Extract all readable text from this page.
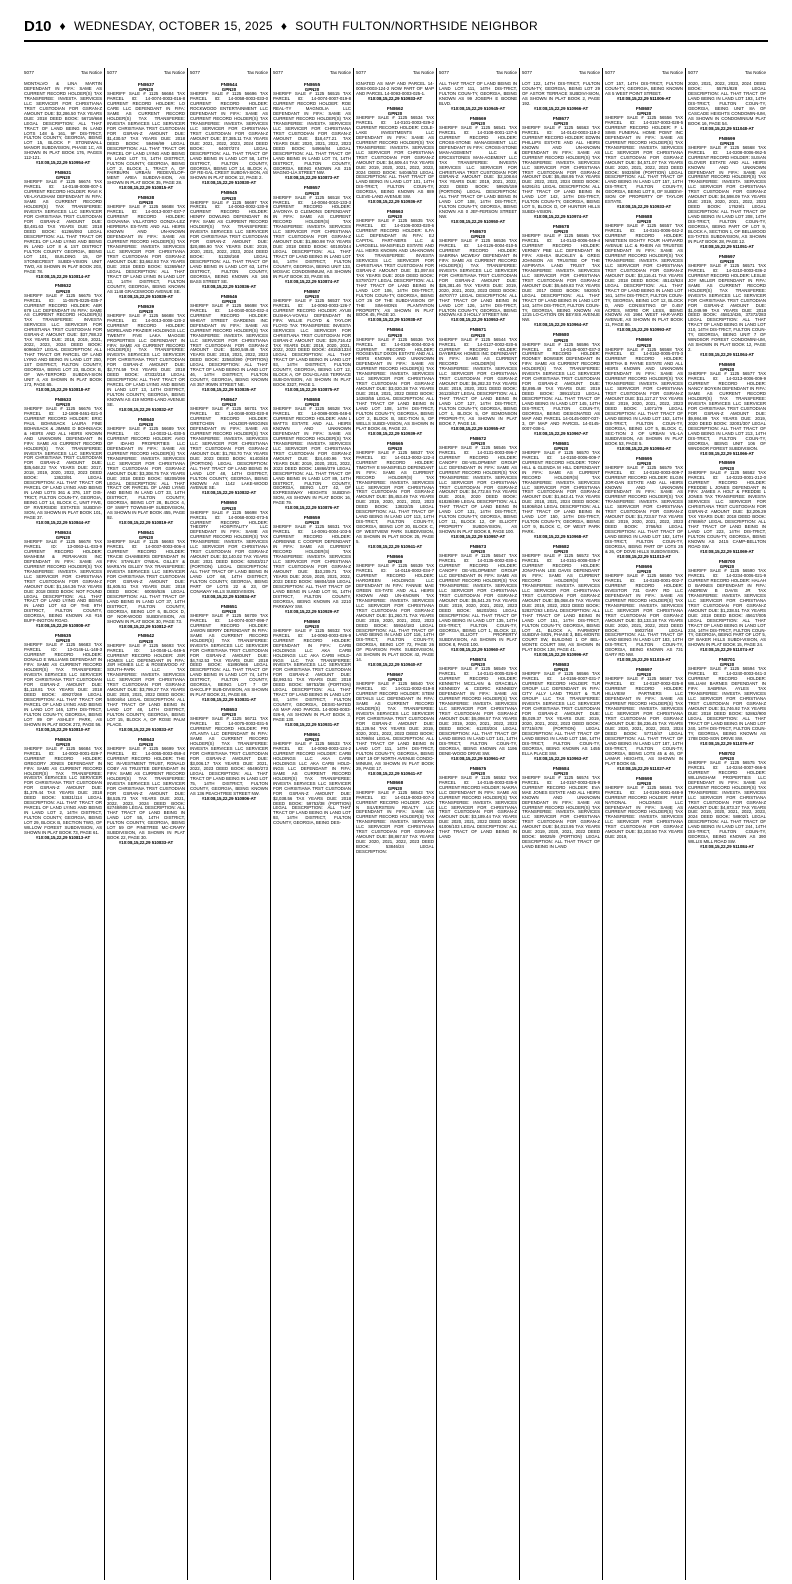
D10 ♦ WEDNESDAY, OCTOBER 15, 2025 ♦ SOUTH FULTON/NORTHSIDE NEIGHBOR
5077	Tax Notice
MONTALVO & LINA MARTIN DEFENDANT IN FIFA: SAME AS CURRENT RECORD HOLDER(S) TAX TRANSFEREE: INVESTA SERVICES LLC SERVICER FOR CHRISTIANA TRST CUSTODIAN FOR GSRAN-Z AMOUNT DUE: $2,286.50 TAX YEARS DUE: 2018 DEED BOOK: 56719/668 LEGAL DESCRIPTION: ALL THAT TRACT OF LAND BEING IN LAND LOTS 148 & 161, 9F DIS-TRICT, FULTON COUNTY, GEORGIA, BEING LOT 15, BLOCK F STONEWALL MANOR SUBDIVISION, PHASE 1C, AS SHOWN IN PLAT BOOK 176, PAGES 112-121.
#10:08,15,22,29 510954-AT
FN8631
GPN20
SHERIFF SALE # 1125 56674 TAX PARCEL ID: 14-0148-0008-007-1 CURRENT RECORD HOLDER: RAVI K VE-LAYUDHAM DEFENDANT IN FIFA: SAME AS CURRENT RECORD HOLDER(S) TAX TRANSFEREE: INVESTA SERVICES LLC SERVICER FOR CHRISTIANA TRST CUSTODIAN FOR GSRAN-Z AMOUNT DUE: $3,481.63 TAX YEARS DUE: 2018 DEED BOOK: 61266/093 LEGAL DESCRIPTION: ALL THAT TRACT OR PARCEL OF LAND LYING AND BEING IN LAND LOT 8 & 1ST DISTRICT FULTON COUNTY GEORGIA, BEING LOT 101, BUILDING 15, OF STONECREST SUBDI-VISION UNIT TWO, AS SHOWN IN PLAT BOOK 203, PAGE 78.
#10:08,15,22,29 510814-AT
FN8632
GPN20
SHERIFF SALE # 1125 56675 TAX PARCEL ID: 11-0575-0225-035-7 CURRENT RECORD HOLDER: ABR 679 LLC DEFENDANT IN FIFA: SAME AS CURRENT RECORD HOLDER(S) TAX TRANSFEREE: INVESTA SERVICES LLC SERVICER FOR CHRISTIANA TRST CUSTODIAN FOR GSRAN-Z AMOUNT DUE: $37,788.22 TAX YEARS DUE: 2018, 2019, 2021, 2022, 2023, 2024 DEED BOOK: 60966/27 LEGAL DESCRIPTION: ALL THAT TRACT OR PARCEL OF LAND LYING AND BEING IN LAND LOT 250, 1ST DISTRICT, FULTON COUNTY, GEORGIA, BEING LOT 23, BLOCK B, OF WA-TERFORD SUBDIVI-SION UNIT 4, AS SHOWN IN PLAT BOOK 173, PAGE 65.
#10:08,15,22,29 510818-AT
FN8633
GPN20
SHERIFF SALE # 1125 56676 TAX PARCEL ID: 12-1808-0461-021-0 CURRENT RECORD HOLDER: ERIC PAUL BOHNSACK LAURA FINE BOHNSACK & JIMMIE D BOHNSACK & HEIRS AND ALL HEIRS KNOWN AND UNKNOWN DEFENDANT IN FIFA: SAME AS CURRENT RECORD HOLDER(S) TAX TRANSFEREE: INVESTA SERVICES LLC SERVICER FOR CHRISTIANA TRST CUSTODIAN FOR GSRAN-Z AMOUNT DUE: $35,648.22 TAX YEARS DUE: 2017, 2018, 2019, 2020, 2022, 2023 DEED BOOK: 13623/91 LEGAL DESCRIPTION: ALL THAT TRACT OR PARCEL OF LAND LYING AND BEING IN LAND LOTS 361 & 376, 1ST DIS-TRICT, FULTON COUN-TY, GEORGIA, BEING LOT 14, BLOCK C, UNIT FIVE, OF RIVERSIDE ESTATES SUBDIVI-SION, AS SHOWN IN PLAT BOOK 101, PAGE 37.
#10:08,15,22,29 510844-AT
FN8634
GPN20
SHERIFF SALE # 1125 56678 TAX PARCEL ID: 13-0063-LL-033-9 CURRENT RECORD HOLDER: MANHEIM & PERAKAKIS INC DEFENDANT IN FIFA: SAME AS CURRENT RECORD HOLDER(S) TAX TRANSFEREE: INVESTA SERVICES LLC SERVICER FOR CHRISTIANA TRST CUSTODIAN FOR GSRAN-Z AMOUNT DUE: $1,164.36 TAX YEARS DUE: 2018 DEED BOOK: NOT FOUND LEGAL DESCRIPTION: ALL THAT TRACT OF LAND LYING AND BEING IN LAND LOT 63 OF THE 9TH DISTRICT, FULTON COUNTY, GEORGIA, BEING KNOWN AS #16 BUFF-INGTON ROAD.
#10:08,15,22,29 510808-AT
FN8635
GPN20
SHERIFF SALE # 1125 56683 TAX PARCEL ID: 13-0146-LL-148-3 CURRENT RECORD HOLDER: DONALD E WILLIAMS DEFENDANT IN FIFA: SAME AS CURRENT RECORD HOLDER(S) TAX TRANSFEREE: INVESTA SERVICES LLC SERVICER FOR CHRISTIANA TRST CUSTODIAN FOR GSRAN-Z AMOUNT DUE: $1,118.81 TAX YEARS DUE: 2018 DEED BOOK: 40927/269 LEGAL DESCRIPTION: ALL THAT TRACT OR PARCEL OF LAND LYING AND BEING IN LAND LOT 146, 13TH DIS-TRICT, FULTON COUN-TY, GEORGIA, BEING LOT 89 OF ASHLEY PARK, AS SHOWN IN PLAT BOOK 272, PAGE 56.
#10:08,15,22,29 510810-AT
FN8636
GPN20
SHERIFF SALE # 1125 56684 TAX PARCEL ID: 14-0002-0001-029-7 CURRENT RECORD HOLDER: GREGORY JONES DEFENDANT IN FIFA: SAME AS CURRENT RECORD HOLDER(S) TAX TRANSFEREE: INVESTA SERVICES LLC SERVICER FOR CHRISTIANA TRST CUSTODIAN FOR GSRAN-Z AMOUNT DUE: $1,379.44 TAX YEARS DUE: 2018 DEED BOOK: 53831/114 LEGAL DESCRIPTION: ALL THAT TRACT OR PARCEL OF LAND LYING AND BEING IN LAND LOT 2, 14TH DISTRICT, FULTON COUNTY, GEORGIA, BEING LOT 29, BLOCK B, SECTION TWO, OF WILLOW FOREST SUBDIVISION, AS SHOWN IN PLAT BOOK 73, PAGE 61.
#10:08,15,22,29 510813-AT
5077	Tax Notice
FN8637
GPN20
SHERIFF SALE # 1125 56684 TAX PARCEL ID: 14-0074-0003-016-8 CURRENT RECORD HOLDER: LO CARE LLC DEFENDANT IN FIFA: SAME AS CURRENT RECORD HOLDER(S) TAX TRANSFEREE: INVESTA SERVICES LLC SERVICER FOR CHRISTIANA TRST CUSTODIAN FOR GSRAN-Z AMOUNT DUE: $1,430.57 TAX YEARS DUE: 2018 DEED BOOK: 59496/99 LEGAL DESCRIPTION: ALL THAT TRACT OR PARCEL OF LAND LYING AND BEING IN LAND LOT 74, 14TH DISTRICT, FULTON COUNTY, GEORGIA, BEING LOT 2, BLOCK 1, TRACT A, OF FAIRBURN URBAN REDEVELOP-MENT AREA SUBDIVI-SION, AS SHOWN IN PLAT BOOK 35, PAGE 28.
#10:08,15,22,29 510815-AT
FN8638
GPN20
SHERIFF SALE # 1125 56688 TAX PARCEL ID: 14-0013-0007-037-7 CURRENT RECORD HOLDER: GIOVANNA VILLATORO GONZA-LEZ HERRERA ES-TATE AND ALL HEIRS KNOWN AND UN-KNOWN DEFENDANT IN FIFA: SAME AS CURRENT RECORD HOLDER(S) TAX TRANSFEREE: INVESTA SERVICES LLC SERVICER FOR CHRISTIANA TRST CUSTODIAN FOR GSRAN-Z AMOUNT DUE: $3,662.93 TAX YEARS DUE: 2018 DEED BOOK: 51369/647 LEGAL DESCRIPTION: ALL THAT TRACT OF LAND LYING IN LAND LOT 13, 14TH DISTRICT, FULTON COUNTY, GEORGIA, BEING KNOWN AS 1148 GRACEWOOD AVENUE SE.
#10:08,15,22,29 510839-AT
FN8639
GPN20
SHERIFF SALE # 1125 56688 TAX PARCEL ID: 14-0013-0008-120-2 CURRENT RECORD HOLDER: MORELAND FRAZIER HOLDINGS LLC TWENTY FIVE LAKA MAGGIE PROPERTIES LLC DEFENDANT IN FIFA: SAME AS CURRENT RECORD HOLDER(S) TAX TRANSFEREE: INVESTA SERVICES LLC SERVICER FOR CHRISTIANA TRST CUSTODIAN FOR GSRAN-Z AMOUNT DUE: $2,774.59 TAX YEARS DUE: 2018 DEED BOOK: 47332/218 LEGAL DESCRIPTION: ALL THAT TRACT OR PARCEL OF LAND LYING AND BEING IN LAND LOT 13, 14TH DISTRICT, FULTON COUNTY, GEORGIA, BEING KNOWN AS 419 MORE-LAND AVENUE SE.
#10:08,15,22,29 510832-AT
FN8640
GPN20
SHERIFF SALE # 1125 56689 TAX PARCEL ID: 14-0033-LL-030-5 CURRENT RECORD HOLDER: AVIO OF IDAHO PROPERTIES LLC DEFENDANT IN FIFA: SAME AS CURRENT RECORD HOLDER(S) TAX TRANSFEREE: INVESTA SERVICES LLC SERVICER FOR CHRISTIANA TRST CUSTODIAN FOR GSRAN-Z AMOUNT DUE: $3,308.75 TAX YEARS DUE: 2018 DEED BOOK: 58209/299 LEGAL DESCRIPTION: ALL THAT TRACT OR PARCEL OF LAND LYING AND BEING IN LAND LOT 33, 14TH DISTRICT, FULTON COUNTY, GEORGIA, BEING LOT 28, BLOCK 4, OF SWIFT TOWNSHIP SUBDIVISION, AS SHOWN IN PLAT BOOK 455, PAGE 92.
#10:08,15,22,29 510819-AT
FN8641
GPN20
SHERIFF SALE # 1125 56693 TAX PARCEL ID: 14-0037-0003-006-4 CURRENT RECORD HOLDER: TRACIE CHAMBERS DEFENDANT IN FIFA: STANLEY O'NEAL GILLEY & MARILYN GILLEY TAX TRANSFEREE: INVESTA SERVICES LLC SERVICER FOR CHRISTIANA TRST CUSTODIAN FOR GSRAN-Z AMOUNT DUE: $1,605.51 TAX YEARS DUE: 2018 DEED BOOK: 60059/536 LEGAL DESCRIPTION: ALL THAT TRACT OF LAND BEING IN LAND LOT 37, 14TH DISTRICT, FULTON COUNTY, GEORGIA, BEING LOT 6, BLOCK D, OF NOR-WOOD SUBDIVISION, AS SHOWN IN PLAT BOOK 30, PAGE 73.
#10:08,15,22,29 510812-AT
FN8642
GPN20
SHERIFF SALE # 1125 56693 TAX PARCEL ID: 14-0048-LL-049-5 CURRENT RECORD HOLDER: JSR HOMES LLC DEFENDANT IN FIFA: JSR HOMES LLC & ROSEWOOD AT SOUTH-PARK LLC TAX TRANSFEREE: INVESTA SERVICES LLC SERVICER FOR CHRISTIANA TRST CUSTODIAN FOR GSRAN-Z AMOUNT DUE: $3,799.27 TAX YEARS DUE: 2020, 2021, 2022 DEED BOOK: 54004/64 LEGAL DESCRIPTION: ALL THAT TRACT OF LAND BEING IN LAND LOT 48, 14TH DISTRICT, FULTON COUNTY, GEORGIA, BEING LOT 15, BLOCK A, OF ROSE PALM PLACE.
#10:08,15,22,29 510833-AT
FN8643
GPN20
SHERIFF SALE # 1125 56699 TAX PARCEL ID: 14-0055-0003-059-4 CURRENT RECORD HOLDER: THE NC IN-VESTMENT TRUST, RONALD COBY AS TRUSTEE DEFENDANT IN FIFA: SAME AS CURRENT RECORD HOLDER(S) TAX TRANSFEREE: INVESTA SERVICES LLC SERVICER FOR CHRISTIANA TRST CUSTODIAN FOR GSRAN-Z AMOUNT DUE: $8,525.73 TAX YEARS DUE: 2021, 2022, 2023, 2024 DEED BOOK: 62748/609 LEGAL DESCRIPTION: ALL THAT TRACT OF LAND BEING IN LAND LOT 55, 14TH DISTRICT, FULTON COUNTY, GEORGIA, BEING LOT 59 OF PINETREE MC-CRARY SUBDIVISION, AS SHOWN IN PLAT BOOK 22, PAGE 30.
#10:08,15,22,29 510833-AT
5077	Tax Notice
FN8644
GPN20
SHERIFF SALE # 1125 56696 TAX PARCEL ID: 14-0058-0003-033-0 CURRENT RECORD HOLDER: ROCKWOOD ENTERTAINMENT LLC DEFENDANT IN FIFA: SAME AS CURRENT RECORD HOLDER(S) TAX TRANSFEREE: INVESTA SERVICES LLC SERVICER FOR CHRISTIANA TRST CUSTODIAN FOR GSRAN-Z AMOUNT DUE: $7,385.11 TAX YEARS DUE: 2021, 2022, 2023, 2024 DEED BOOK: 64007/374 LEGAL DESCRIPTION: ALL THAT TRACT OF LAND BEING IN LAND LOT 58, 14TH DISTRICT, FULTON COUNTY, GEORGIA, BEING LOT 14, BLOCK A, OF RE-GAL CREST SUBDIVI-SION, AS SHOWN IN PLAT BOOK 12, PAGE 2.
#10:08,15,22,29 510830-AT
FN8645
GPN20
SHERIFF SALE # 1125 56697 TAX PARCEL ID: 14-0063-0002-130-9 CURRENT RECORD HOLDER: HENRY DOWLING DEFENDANT IN FIFA: SAME AS CURRENT RECORD HOLDER(S) TAX TRANSFEREE: INVESTA SERVICES LLC SERVICER FOR CHRISTIANA TRST CUSTODIAN FOR GSRAN-Z AMOUNT DUE: $20,886.90 TAX YEARS DUE: 2019, 2020, 2021, 2022, 2023, 2024 DEED BOOK: 51328/168 LEGAL DESCRIPTION: ALL THAT TRACT OF LAND BEING IN LAND LOT 63, 14TH DISTRICT, FULTON COUNTY, GEORGIA, BEING KNOWN AS 165 BASS STREET SE.
#10:08,15,22,29 510836-AT
FN8646
GPN20
SHERIFF SALE # 1125 56698 TAX PARCEL ID: 14-0040-0010-032-4 CURRENT RECORD HOLDER: WHEAT STREET GARDENS INC DEFENDANT IN FIFA: SAME AS CURRENT RECORD HOLDER(S) TAX TRANSFEREE: INVESTA SERVICES LLC SERVICER FOR CHRISTIANA TRST CUSTODIAN FOR GSRAN-Z AMOUNT DUE: $190,549.48 TAX YEARS DUE: 2018, 2021, 2022, 2023 DEED BOOK: 32563/390 (PORTION) LEGAL DESCRIPTION: ALL THAT TRACT OF LAND BEING IN LAND LOT 46, 14TH DISTRICT, FULTON COUNTY, GEORGIA, BEING KNOWN AS 357 IRWIN STREET NE.
#10:08,15,22,29 510835-AT
FN8647
GPN20
SHERIFF SALE # 1125 56701 TAX PARCEL ID: 14-0048-0003-020-8 CURRENT RECORD HOLDER: GRETCHEN HOLDER-WIGGINS DEFENDANT IN FIFA: SAME AS CURRENT RECORD HOLDER(S) TAX TRANSFEREE: INVESTA SERVICES LLC SERVICER FOR CHRISTIANA TRST CUSTODIAN FOR GSRAN-Z AMOUNT DUE: $1,793.70 TAX YEARS DUE: 2023 DEED BOOK: 61403/48 (PORTION) LEGAL DESCRIPTION: ALL THAT TRACT OF LAND BEING IN LAND LOT 48, 14TH DISTRICT, FULTON COUNTY, GEORGIA, BEING KNOWN AS 1142 LAKE-WOOD AVENUE SE.
#10:08,15,22,29 510832-AT
FN8650
GPN20
SHERIFF SALE # 1125 56698 TAX PARCEL ID: 14-0068-0002-073-5 CURRENT RECORD HOLDER: THEORY HOSPITALITY LLC DEFENDANT IN FIFA: SAME AS CURRENT RECORD HOLDER(S) TAX TRANSFEREE: INVESTA SERVICES LLC SERVICER FOR CHRISTIANA TRST CUSTODIAN FOR GSRAN-Z AMOUNT DUE: $2,140.02 TAX YEARS DUE: 2021 DEED BOOK: 62503/217 (PORTION) LEGAL DESCRIPTION: ALL THAT TRACT OF LAND BEING IN LAND LOT 68, 14TH DISTRICT, FULTON COUNTY, GEORGIA, BEING PART OF LOTS 22 & 23, OF CONAWAY HILLS SUBDIVISION.
#10:08,15,22,29 510834-AT
FN8651
GPN20
SHERIFF SALE # 1125 56709 TAX PARCEL ID: 14-0074-0007-098-7 CURRENT RECORD HOLDER: JAWON BERRY DEFENDANT IN FIFA: SAME AS CURRENT RECORD HOLDER(S) TAX TRANSFEREE: INVESTA SERVICES LLC SERVICER FOR CHRISTIANA TRST CUSTODIAN FOR GSRAN-Z AMOUNT DUE: $4,742.53 TAX YEARS DUE: 2018 DEED BOOK: 61890/666 LEGAL DESCRIPTION: ALL THAT TRACT OF LAND BEING IN LAND LOT 74, 14TH DISTRICT, FULTON COUNTY, GEORGIA, BEING LOT 7 OF OAKCLIFF SUB-DIVISION, AS SHOWN IN PLAT BOOK 21, PAGE 88.
#10:08,15,22,29 510831-AT
FN8653
GPN20
SHERIFF SALE # 1125 56711 TAX PARCEL ID: 14-0075-0003-031-5 CURRENT RECORD HOLDER: PRI ATLANTA LLC DEFENDANT IN FIFA: SAME AS CURRENT RECORD HOLDER(S) TAX TRANSFEREE: INVESTA SERVICES LLC SERVICER FOR CHRISTIANA TRST CUSTODIAN FOR GSRAN-Z AMOUNT DUE: $3,006.17 TAX YEARS DUE: 2021, 2022, 2023 DEED BOOK: 65490/273 LEGAL DESCRIPTION: ALL THAT TRACT OF LAND BEING IN LAND LOT 75, 14TH DISTRICT, FULTON COUNTY, GEORGIA, BEING KNOWN AS 136 PEACHTREE STREET NW.
#10:08,15,22,29 510806-AT
5077	Tax Notice
FN8655
GPN20
SHERIFF SALE # 1125 56515 TAX PARCEL ID: 14-0074-0007-019-8 CURRENT RECORD HOLDER: ROE REAL-TY MAGNOLIA LLC DEFENDANT IN FIFA: SAME AS CURRENT RECORD HOLDER(S) TAX TRANSFEREE: INVESTA SERVICES LLC SERVICER FOR CHRISTIANA TRST CUSTODIAN FOR GSRAN-Z AMOUNT DUE: $18,477.21 TAX YEARS DUE: 2020, 2021, 2022, 2023 DEED BOOK: 54966/84 LEGAL DESCRIPTION: ALL THAT TRACT OF LAND BEING IN LAND LOT 74, 14TH DISTRICT, FULTON COUNTY, GEORGIA, BEING KNOWN AS 315 MAGNO-LIA STREET NW.
#10:08,15,22,29 510873-AT
FN8657
GPN20
SHERIFF SALE # 1125 56518 TAX PARCEL ID: 14-0084-0010-133-3 CURRENT RECORD HOLDER: JAVONYA D CLEMONS DEFENDANT IN FIFA: SAME AS CURRENT RECORD HOLDER(S) TAX TRANSFEREE: INVESTA SERVICES LLC SERVICER FOR CHRISTIANA TRST CUSTODIAN FOR GSRAN-Z AMOUNT DUE: $1,860.98 TAX YEARS DUE: 2018 DEED BOOK: 60100/244 LEGAL DESCRIPTION: ALL THAT TRACT OF LAND BEING IN LAND LOT 84, 14TH DISTRICT, FULTON COUNTY, GEORGIA, BEING UNIT 133, MOSAIC CONDOMINIUM, AS SHOWN IN PLAT BOOK 33, PAGE 85.
#10:08,15,22,29 510874-AT
FN8657
GPN20
SHERIFF SALE # 1125 56537 TAX PARCEL ID: 14-0093-0003-126-7 CURRENT RECORD HOLDER: AYUB DUSHKA-VOVKU DEFENDANT IN FIFA: WILLIE FLOYD & TAYLOR FLOYD TAX TRANSFEREE: INVESTA SERVICES LLC SERVICER FOR CHRISTIANA TRST CUSTODIAN FOR GSRAN-Z AMOUNT DUE: $29,716.42 TAX YEARS DUE: 2019, 2020, 2021, 2022, 2023 DEED BOOK: 48153/1334 LEGAL DESCRIPTION: ALL THAT TRACT OF LAND BEING IN LAND LOT 93, 14TH DISTRICT, FULTON COUNTY, GEORGIA, BEING LOT 12, BLOCK A, OF DOU-GLASS TERRACE SUB-DIVISION, AS SHOWN IN PLAT BOOK 3327, PAGE 1.
#10:08,15,22,29 510875-AT
FN8658
GPN20
SHERIFF SALE # 1125 56528 TAX PARCEL ID: 14-0089-0005-048-6 CURRENT RECORD HOLDER: ANN L WATTS ESTATE AND ALL HEIRS KNOWN AND UNKNOWN DEFENDANT IN FIFA: SAME AS CURRENT RECORD HOLDER(S) TAX TRANSFEREE: INVESTA SERVICES LLC SERVICER FOR CHRISTIANA TRST CUSTODIAN FOR GSRAN-Z AMOUNT DUE: $24,440.96 TAX YEARS DUE: 2019, 2020, 2021, 2022, 2023 DEED BOOK: 16866/379 LEGAL DESCRIPTION: ALL THAT TRACT OF LAND BEING IN LAND LOT 89, 14TH DISTRICT, FULTON COUNTY, GEORGIA, BEING LOT 42, OF EXPRESSWAY HEIGHTS SUBDIVI-SION, AS SHOWN IN PLAT BOOK 16, PAGE 79.
#10:08,15,22,29 510876-AT
FN8659
GPN20
SHERIFF SALE # 1125 56531 TAX PARCEL ID: 14-0091-0004-103-5 CURRENT RECORD HOLDER: ADRIENNE C COOPER DEFENDANT IN FIFA: SAME AS CURRENT RECORD HOLDER(S) TAX TRANSFEREE: INVESTA SERVICES LLC SERVICER FOR CHRISTIANA TRST CUSTODIAN FOR GSRAN-Z AMOUNT DUE: $10,209.71 TAX YEARS DUE: 2019, 2020, 2021, 2022, 2023 DEED BOOK: 56804/159 LEGAL DESCRIPTION: ALL THAT TRACT OF LAND BEING IN LAND LOT 91, 14TH DISTRICT, FULTON COUNTY, GEORGIA, BEING KNOWN AS 2210 PARKWAY SW.
#10:08,15,22,29 510929-AT
FN8660
GPN20
SHERIFF SALE # 1125 56532 TAX PARCEL ID: 14-0093-0003-026-9 CURRENT RECORD HOLDER: DEFENDANT IN FIFA: CARB HOLDINGS LLC AKA CARB HOLDINGS LLC AKA CARB HOLD-INGS LLC TAX TRANSFEREE: INVESTA SERVICES LLC SERVICER FOR CHRISTIANA TRST CUSTODIAN FOR GSRAN-Z AMOUNT DUE: $2,993.51 TAX YEARS DUE: 2018 DEED BOOK: 59753/38 (PORTION) LEGAL DESCRIPTION: ALL THAT TRACT OF LAND BEING IN LAND LOT 93, 14TH DISTRICT, FULTON COUNTY, GEORGIA, DESIG-NATED AS MAP AND PARCEL 14-0093-0003-026-9, AS SHOWN IN PLAT BOOK 3, PAGE 130.
#10:08,15,22,29 510931-AT
FN8661
GPN20
SHERIFF SALE # 1125 56533 TAX PARCEL ID: 14-0093-0003-124-2 CURRENT RECORD HOLDER: CARB HOLDINGS LLC AKA CARB HOLDINGS LLC AKA CARB HOLD-INGS LLC DEFENDANT IN FIFA: SAME AS CURRENT RECORD HOLDER(S) TAX TRANSFEREE: INVESTA SERVICES LLC SERVICER FOR CHRISTIANA TRST CUSTODIAN FOR GSRAN-Z AMOUNT DUE: $2,038.56 TAX YEARS DUE: 2018 DEED BOOK: 59753/38 (PORTION) LEGAL DESCRIPTION: ALL THAT TRACT OF LAND BEING IN LAND LOT 93, 14TH DISTRICT, FULTON COUNTY, GEORGIA, BEING DES-
5077	Tax Notice
IGNATED AS MAP AND PARCEL 14-0093-0003-124-2 NOW PART OF MAP AND PARCEL 14-0093-0003-025-1.
#10:08,15,22,29 510933-AT
FN8662
GPN20
SHERIFF SALE # 1125 56534 TAX PARCEL ID: 14-0101-0003-029-2 CURRENT RECORD HOLDER: COLE-LAKE INVESTMENTS LLC DEFENDANT IN FIFA: SAME AS CURRENT RECORD HOLDER(S) TAX TRANSFEREE: INVESTA SERVICES LLC SERVICER FOR CHRISTIANA TRST CUSTODIAN FOR GSRAN-Z AMOUNT DUE: $4,609.44 TAX YEARS DUE: 2019, 2020, 2021, 2022, 2023, 2024 DEED BOOK: 54048/33 LEGAL DESCRIPTION: ALL THAT TRACT OF LAND BEING IN LAND LOT 101, 14TH DIS-TRICT, FULTON COUN-TY, GEORGIA, BEING KNOWN AS 889 CLEVE-LAND AVENUE SW.
#10:08,15,22,29 510936-AT
FN8663
GPN20
SHERIFF SALE # 1125 56535 TAX PARCEL ID: 14-0106-0003-020-6 CURRENT RECORD HOLDER: ILFA LLC DEFENDANT IN FIFA: EJ CAPITAL PART-NERS LLC & LAROSELL MANSFIELD ESTATE AND ALL HEIRS KNOWN AND UN-KNOWN TAX TRANSFEREE: INVESTA SERVICES LLC SERVICER FOR CHRISTIANA TRST CUSTODIAN FOR GSRAN-Z AMOUNT DUE: $1,097.84 TAX YEARS DUE: 2019 DEED BOOK: 53797/277 LEGAL DESCRIPTION: ALL THAT TRACT OF LAND BEING IN LAND LOT 106, 14TH DIS-TRICT, FULTON COUN-TY, GEORGIA, BEING LOT 26 OF THE SUBDI-VISION OF THE SIM-MONS PLANTATION PROPERTY, AS SHOWN IN PLAT BOOK 45, PAGE 10.
#10:08,15,22,29 510938-AT
FN8664
GPN20
SHERIFF SALE # 1125 56536 TAX PARCEL ID: 14-0108-0004-002-5 CURRENT RECORD HOLDER: ROOSEVELT DIXON ESTATE AND ALL HEIRS KNOWN AND UNKNOWN DEFENDANT IN FIFA: SAME AS CURRENT RECORD HOLDER(S) TAX TRANSFEREE: INVESTA SERVICES LLC SERVICER FOR CHRISTIANA TRST CUSTODIAN FOR GSRAN-Z AMOUNT DUE: $3,020.38 TAX YEARS DUE: 2018, 2021, 2022 DEED BOOK: 14283/55 LEGAL DESCRIPTION: ALL THAT TRACT OF LAND BEING IN LAND LOT 108, 14TH DIS-TRICT, FULTON COUN-TY, GEORGIA, BEING LOT 2, BLOCK B, SEC-TION 5, OF WELLS SUBDI-VISION, AS SHOWN IN PLAT BOOK 46, PAGE 22.
#10:08,15,22,29 510939-AT
FN8665
GPN20
SHERIFF SALE # 1125 56537 TAX PARCEL ID: 14-0113-0002-122-4 CURRENT RECORD HOLDER: TIMOTHY E MANSFIELD DEFENDANT IN FIFA: SAME AS CURRENT RECORD HOLDER(S) TAX TRANSFEREE: INVESTA SERVICES LLC SERVICER FOR CHRISTIANA TRST CUSTODIAN FOR GSRAN-Z AMOUNT DUE: $5,453.49 TAX YEARS DUE: 2019, 2020, 2021, 2022, 2023 DEED BOOK: 13822/25 LEGAL DESCRIPTION: ALL THAT TRACT OF LAND BEING IN LAND LOT 113, 14TH DIS-TRICT, FULTON COUN-TY, GEORGIA, BEING LOT 20, BLOCK C, OF WESTVIEW PARK SUBDIVISION, AS SHOWN IN PLAT BOOK 25, PAGE 5.
#10:08,15,22,29 510941-AT
FN8666
GPN20
SHERIFF SALE # 1125 56539 TAX PARCEL ID: 14-0116-0002-034-7 CURRENT RECORD HOLDER: HARGREEN HOLDINGS LLC DEFENDANT IN FIFA: FANNIE MAE GREEN ES-TATE AND ALL HEIRS KNOWN AND UN-KNOWN TAX TRANSFEREE: INVESTA SERVICES LLC SERVICER FOR CHRISTIANA TRST CUSTODIAN FOR GSRAN-Z AMOUNT DUE: $1,260.71 TAX YEARS DUE: 2019, 2020, 2021, 2022, 2023 DEED BOOK: 55924/183 LEGAL DESCRIPTION: ALL THAT TRACT OF LAND BEING IN LAND LOT 116, 14TH DIS-TRICT, FULTON COUN-TY, GEORGIA, BEING LOT 72, PAGE 26 OF PEARSON PARK SUBDIVISION, AS SHOWN IN PLAT BOOK 42, PAGE 14.
#10:08,15,22,29 510940-AT
FN8667
GPN20
SHERIFF SALE # 1125 56540 TAX PARCEL ID: 14-0111-0002-019-8 CURRENT RECORD HOLDER: STEM DETAILS LLC DEFENDANT IN FIFA: SAME AS CURRENT RECORD HOLDER(S) TAX TRANSFEREE: INVESTA SERVICES LLC SERVICER FOR CHRISTIANA TRST CUSTODIAN FOR GSRAN-Z AMOUNT DUE: $1,129.94 TAX YEARS DUE: 2019, 2020, 2021, 2022, 2023 DEED BOOK: 51799/84 LEGAL DESCRIPTION: ALL THAT TRACT OF LAND BEING IN LAND LOT 111, 14TH DIS-TRICT, FULTON COUN-TY, GEORGIA, BEING UNIT 19 OF NORTH AVENUE CONDO-MINIUM, AS SHOWN IN PLAT BOOK 29, PAGE 17.
#10:08,15,22,29 510941-AT
FN8668
GPN20
SHERIFF SALE # 1125 56543 TAX PARCEL ID: 14-0119-0003-007-3 CURRENT RECORD HOLDER: JACK N SILVERSTEIN REALTY LLC DEFENDANT IN FIFA: SAME AS CURRENT RECORD HOLDER(S) TAX TRANSFEREE: INVESTA SERVICES LLC SERVICER FOR CHRISTIANA TRST CUSTODIAN FOR GSRAN-Z AMOUNT DUE: $8,867.57 TAX YEARS DUE: 2020, 2021, 2022, 2023 DEED BOOK: 53846/24 LEGAL DESCRIPTION:
5077	Tax Notice
ALL THAT TRACT OF LAND BEING IN LAND LOT 111, 14TH DIS-TRICT, FULTON COUN-TY, GEORGIA, BEING KNOWN AS 99 JOSEPH E BOONE BLVD.
#10:08,15,22,29 510945-AT
FN8669
GPN20
SHERIFF SALE # 1125 56541 TAX PARCEL ID: 14-0108-0001-137-5 CURRENT RECORD HOLDER: CROSS-STONE MANAGEMENT LLC DEFENDANT IN FIFA: CROSS-STONE MAN-AGEMENT LLC & ERICSSTONES MAN-AGEMENT LLC TAX TRANSFEREE: INVESTA SERVICES LLC SERVICER FOR CHRISTIANA TRST CUSTODIAN FOR GSRAN-Z AMOUNT DUE: $2,108.64 TAX YEARS DUE: 2019, 2021, 2022, 2023 DEED BOOK: 59925/159 (PORTION) LEGAL DESCRIPTION: ALL THAT TRACT OF LAND BEING IN LAND LOT 108, 14TH DIS-TRICT, FULTON COUN-TY, GEORGIA, BEING KNOWN AS 0 JEF-FERSON STREET NW.
#10:08,15,22,29 510950-AT
FN8670
GPN20
SHERIFF SALE # 1125 56536 TAX PARCEL ID: 14-0126-0004-010-5 CURRENT RECORD HOLDER: SABRINA MCWEAY DEFENDANT IN FIFA: SAME AS CURRENT RECORD HOLDER(S) TAX TRANSFEREE: INVESTA SERVICES LLC SERVICER FOR CHRISTIANA TRST CUSTODIAN FOR GSRAN-Z AMOUNT DUE: $26,381.46 TAX YEARS DUE: 2019, 2020, 2021, 2022, 2023 DEED BOOK: 48707/77 LEGAL DESCRIPTION: ALL THAT TRACT OF LAND BEING IN LAND LOT 126, 14TH DIS-TRICT, FULTON COUN-TY, GEORGIA, BEING KNOWN AS 3 HOLLY STREET NW.
#10:08,15,22,29 510953-AT
FN8671
GPN20
SHERIFF SALE # 1125 56544 TAX PARCEL ID: 14-0127-0002-020-6 CURRENT RECORD HOLDER: DAYBREAK HOMES INC DEFENDANT IN FIFA: SAME AS CURRENT RECORD HOLDER(S) TAX TRANSFEREE: INVESTA SERVICES LLC SERVICER FOR CHRISTIANA TRST CUSTODIAN FOR GSRAN-Z AMOUNT DUE: $6,282.33 TAX YEARS DUE: 2019, 2020, 2021 DEED BOOK: 26123/637 LEGAL DESCRIPTION: ALL THAT TRACT OF LAND BEING IN LAND LOT 127, 14TH DIS-TRICT, FULTON COUN-TY, GEORGIA, BEING LOT 1, BLOCK 5, OF EDMONSON PROPER-TY, AS SHOWN IN PLAT BOOK 7, PAGE 18.
#10:08,15,22,29 510955-AT
FN8672
GPN20
SHERIFF SALE # 1125 56546 TAX PARCEL ID: 14-0131-0003-096-7 CURRENT RECORD HOLDER: CANOPY DE-VELOPMENT GROUP LLC DEFENDANT IN FIFA: SAME AS CURRENT RECORD HOLDER(S) TAX TRANSFEREE: INVESTA SERVICES LLC SERVICER FOR CHRISTIANA TRST CUSTODIAN FOR GSRAN-Z AMOUNT DUE: $4,772.84 TAX YEARS DUE: 2019, 2020 DEED BOOK: 61828/499 LEGAL DESCRIPTION: ALL THAT TRACT OF LAND BEING IN LAND LOT 131, 14TH DIS-TRICT, FULTON COUN-TY, GEORGIA, BEING LOT 11, BLOCK 12, OF ELLIOTT PROPERTY SUBDIVISION, AS SHOWN IN PLAT BOOK 8, PAGE 100.
#10:08,15,22,29 510957-AT
FN8673
GPN20
SHERIFF SALE # 1125 56547 TAX PARCEL ID: 14-0135-0002-030-1 CURRENT RECORD HOLDER: CANOPY DE-VELOPMENT GROUP LLC DEFENDANT IN FIFA: SAME AS CURRENT RECORD HOLDER(S) TAX TRANSFEREE: INVESTA SERVICES LLC SERVICER FOR CHRISTIANA TRST CUSTODIAN FOR GSRAN-Z AMOUNT DUE: $5,541.25 TAX YEARS DUE: 2019, 2020, 2021, 2022, 2023 DEED BOOK: 56203/261 LEGAL DESCRIPTION: ALL THAT TRACT OF LAND BEING IN LAND LOT 135, 14TH DIS-TRICT, FULTON COUN-TY, GEORGIA, BEING LOT 1, BLOCK 12, OF ELLIOTT PROPERTY SUBDIVISION, AS SHOWN IN PLAT BOOK 8, PAGE 100.
#10:08,15,22,29 510960-AT
FN8674
GPN20
SHERIFF SALE # 1125 56549 TAX PARCEL ID: 14-0141-0005-026-0 CURRENT RECORD HOLDER: KENNETH MCCLAIN & GRACIELA KENNEDY & CEDRIC KENNEDY DEFENDANT IN FIFA: SAME AS CURRENT RECORD HOLDER(S) TAX TRANSFEREE: INVESTA SERVICES LLC SERVICER FOR CHRISTIANA TRST CUSTODIAN FOR GSRAN-Z AMOUNT DUE: $5,098.57 TAX YEARS DUE: 2019, 2020, 2021, 2022, 2023 DEED BOOK: 61203/204 LEGAL DESCRIPTION: ALL THAT TRACT OF LAND BEING IN LAND LOT 141, 14TH DIS-TRICT, FULTON COUN-TY, GEORGIA, BEING KNOWN AS 1196 DENE-WOOD DRIVE SW.
#10:08,15,22,29 510961-AT
FN8675
GPN20
SHERIFF SALE # 1125 56552 TAX PARCEL ID: 14-0145-0003-035-9 CURRENT RECORD HOLDER: NAKRA LLC DEFENDANT IN FIFA: SAME AS CURRENT RECORD HOLDER(S) TAX TRANSFEREE: INVESTA SERVICES LLC SERVICER FOR CHRISTIANA TRST CUSTODIAN FOR GSRAN-Z AMOUNT DUE: $3,189.44 TAX YEARS DUE: 2020, 2021, 2022 DEED BOOK: 61006/103 LEGAL DESCRIPTION: ALL THAT TRACT OF LAND BEING IN LAND
5077	Tax Notice
LOT 122, 14TH DIS-TRICT, FULTON COUN-TY, GEORGIA, BEING LOT 29 OF ASTOR TERRACE SUBDIVI-SION, AS SHOWN IN PLAT BOOK 2, PAGE 192.
#10:08,15,22,29 510966-AT
FN8677
GPN20
SHERIFF SALE # 1125 56563 TAX PARCEL ID: 14-0142-0003-118-2 CURRENT RECORD HOLDER: EDWIN PHILLIPS ESTATE AND ALL HEIRS KNOWN AND UN-KNOWN DEFENDANT IN FIFA: SAME AS CURRENT RECORD HOLDER(S) TAX TRANSFEREE: INVESTA SERVICES LLC SERVICER FOR CHRISTIANA TRST CUSTODIAN FOR GSRAN-Z AMOUNT DUE: $5,458.95 TAX YEARS DUE: 2022, 2023, 2024 DEED BOOK: 64291/41 LEGAL DESCRIPTION: ALL THAT TRACT OF LAND BEING IN LAND LOT 142, 14TH DIS-TRICT, FULTON COUN-TY, GEORGIA, BEING LOT 5, BLOCK D, OF HUNTER HILLS SUBDI-VISION.
#10:08,15,22,29 510974-AT
FN8678
GPN20
SHERIFF SALE # 1125 56565 TAX PARCEL ID: 14-0143-0006-049-4 CURRENT RECORD HOLDER: VERNEY PBE LLC DEFENDANT IN FIFA: ASHEA BUCKLEY & GREG JOHNSON AS TRUSTEE OF THE ASPIRATIA LAND TRUST TAX TRANSFEREE: INVESTA SERVICES LLC SERVICER FOR CHRISTIANA TRST CUSTODIAN FOR GSRAN-Z AMOUNT DUE: $5,649.83 TAX YEARS DUE: 2017 DEED BOOK: 59200/1 LEGAL DESCRIPTION: ALL THAT TRACT OF LAND BEING IN LAND LOT 143, 14TH DIS-TRICT, FULTON COUN-TY, GEORGIA, BEING KNOWN AS 1215 LO-CATION ON BEYSIS AVENUE NW.
#10:08,15,22,29 510964-AT
FN8680
GPN20
SHERIFF SALE # 1125 56596 TAX PARCEL ID: 14-0145-0007-037-3 CURRENT RECORD HOLDER: RODNEY BOWSER DEFENDANT IN FIFA: SAME AS CURRENT RECORD HOLDER(S) TAX TRANSFEREE: INVESTA SERVICES LLC SERVICER FOR CHRISTIANA TRST CUSTODIAN FOR GSRAN-Z AMOUNT DUE: $2,895.49 TAX YEARS DUE: 2019 DEED BOOK: 38913/123 LEGAL DESCRIPTION: ALL THAT TRACT OF LAND BEING IN LAND LOT 145, 14TH DIS-TRICT, FULTON COUN-TY, GEORGIA, BEING DESIGNATED AS MAP AND PARCEL 14-0145-0007-037-3, OF MAP AND PARCEL 14-0145-0007-038-1.
#10:08,15,22,29 510967-AT
FN8681
GPN20
SHERIFF SALE # 1125 56570 TAX PARCEL ID: 14-0150-0006-009-7 CURRENT RECORD HOLDER: TONY HILL & GLENDA M HILL DEFENDANT IN FIFA: SAME AS CURRENT RECORD HOLDER(S) TAX TRANSFEREE: INVESTA SERVICES LLC SERVICER FOR CHRISTIANA TRST CUSTODIAN FOR GSRAN-Z AMOUNT DUE: $1,842.41 TAX YEARS DUE: 2018, 2021, 2024 DEED BOOK: 51806/624 LEGAL DESCRIPTION: ALL THAT TRACT OF LAND BEING IN LAND LOT 150, 14TH DIS-TRICT, FULTON COUN-TY, GEORGIA, BEING LOT 9, BLOCK C, OF WEST PARK PARK.
#10:08,15,22,29 510968-AT
FN8682
GPN20
SHERIFF SALE # 1125 56572 TAX PARCEL ID: 14-0151-0008-035-7 CURRENT RECORD HOLDER: JONATHAN LEE DAVIS DEFENDANT IN FIFA: SAME AS CURRENT RECORD HOLDER(S) TAX TRANSFEREE: INVESTA SERVICES LLC SERVICER FOR CHRISTIANA TRST CUSTODIAN FOR GSRAN-Z AMOUNT DUE: $5,068.49 TAX YEARS DUE: 2019, 2022, 2023 DEED BOOK: 52827/263 LEGAL DESCRIPTION: ALL THAT TRACT OF LAND BEING IN LAND LOT 151, 14TH DIS-TRICT, FULTON COUN-TY, GEORGIA, BEING LOT 41, BLOCK A, FAIRMONT SUBDIVI-SION, PHASE 3, BEL-MONTE COURT SW, BUILDING 1 OF BEL-MONTE COURT SW, AS SHOWN IN PLAT BOOK 138, PAGE 41.
#10:08,15,22,29 510996-AT
FN8683
GPN20
SHERIFF SALE # 1125 56566 TAX PARCEL ID: 14-0156-0007-031-7 CURRENT RECORD HOLDER: TLR GROUP LLC DEFENDANT IN FIFA: CITY ALLY LAND TRUST & TLR GROUP LLC TAX TRANSFEREE: INVESTA SERVICES LLC SERVICER FOR CHRISTIANA TRST CUSTODIAN FOR GSRAN-Z AMOUNT DUE: $5,029.37 TAX YEARS DUE: 2019, 2020, 2021, 2022, 2023 DEED BOOK: 57715/478 (PORTION) LEGAL DESCRIPTION: ALL THAT TRACT OF LAND BEING IN LAND LOT 156, 14TH DIS-TRICT, FULTON COUN-TY, GEORGIA, BEING KNOWN AS 1455 ELLA PLACE SW.
#10:08,15,22,29 510963-AT
FN8684
GPN20
SHERIFF SALE # 1125 56574 TAX PARCEL ID: 14-0157-0003-026-9 CURRENT RECORD HOLDER: EVA MAE JONES ESTATE AND ALL HEIRS KNOWN AND UNKNOWN DEFENDANT IN FIFA: SAME AS CURRENT RECORD HOLDER(S) TAX TRANSFEREE: INVESTA SERVICES LLC SERVICER FOR CHRISTIANA TRST CUSTODIAN FOR GSRAN-Z AMOUNT DUE: $4,013.95 TAX YEARS DUE: 2019, 2020, 2021, 2022 DEED BOOK: 59025/9 (PORTION) LEGAL DESCRIPTION: ALL THAT TRACT OF LAND BEING IN LAND
5077	Tax Notice
LOT 157, 14TH DIS-TRICT, FULTON COUN-TY, GEORGIA, BEING KNOWN AS 5 WEST POINT STREET.
#10:08,15,22,29 511006-AT
FN8687
GPN20
SHERIFF SALE # 1125 56556 TAX PARCEL ID: 14-0157-0003-028-5 CURRENT RECORD HOLDER: F L SIMS FUNERAL HOME POINT INC DEFENDANT IN FIFA: SAME AS CURRENT RECORD HOLDER(S) TAX TRANSFEREE: INVESTA SERVICES LLC SERVICER FOR CHRISTIANA TRST CUSTODIAN FOR GSRAN-Z AMOUNT DUE: $4,571.07 TAX YEARS DUE: 2020, 2021, 2022, 2023 DEED BOOK: 59325/98 (PORTION) LEGAL DESCRIPTION: ALL THAT TRACT OF LAND BEING IN LAND LOT 157, 14TH DIS-TRICT, FULTON COUN-TY, GEORGIA, BEING LOT 8, OF SUBDIVI-SION OF PROPERTY OF TAYLOR ESTATE.
#10:08,15,22,29 510933-AT
FN8688
GPN20
SHERIFF SALE # 1125 56557 TAX PARCEL ID: 14-0161-0006-042-2 CURRENT RECORD HOLDER: NINETEEN EIGHTY FOUR HARVARD AVENUE LLC & RHEIN AS TRUSTEE DEFENDANT IN FIFA: SAME AS CURRENT RECORD HOLDER(S) TAX TRANSFEREE: INVESTA SERVICES LLC SERVICER FOR CHRISTIANA TRST CUSTODIAN FOR GSRAN-Z AMOUNT DUE: $3,116.41 TAX YEARS DUE: 2018 DEED BOOK: 45142/624 LEGAL DESCRIPTION: ALL THAT TRACT OF LAND BEING IN LAND LOT 161, 14TH DIS-TRICT, FULTON COUN-TY, GEORGIA, BEING LOT 12, BLOCK D, AND CONSISTING OF 0.457 ACRES, MORE OR LESS, BEING KNOWN AS 1984 WEST HAR-VARD AVENUE, AS SHOWN IN PLAT BOOK 11, PAGE 86.
#10:08,15,22,29 510993-AT
FN8690
GPN20
SHERIFF SALE # 1125 56568 TAX PARCEL ID: 14-0162-0005-070-3 CURRENT RECORD HOLDER: BERTHA B PAYNE ESTATE AND ALL HEIRS KNOWN AND UNKNOWN DEFENDANT IN FIFA: SAME AS CURRENT RECORD HOLDER(S) TAX TRANSFEREE: INVESTA SERVICES LLC SERVICER FOR CHRISTIANA TRST CUSTODIAN FOR GSRAN-Z AMOUNT DUE: $11,117.27 TAX YEARS DUE: 2019, 2020, 2021, 2022, 2023 DEED BOOK: 14071/79 LEGAL DESCRIPTION: ALL THAT TRACT OF LAND BEING IN LAND LOT 162, 14TH DIS-TRICT, FULTON COUN-TY, GEORGIA, BEING LOT 5, BLOCK C, SEC-TION 2 OF URBAN VIL-LA SUBDIVISION, AS SHOWN IN PLAT BOOK 53, PAGE 5.
#10:08,15,22,29 510984-AT
FN8695
GPN20
SHERIFF SALE # 1125 56579 TAX PARCEL ID: 14-0182-0003-009-7 CURRENT RECORD HOLDER: ELGIN JOR-DAN ESTATE AND ALL HEIRS KNOWN AND UNKNOWN DEFENDANT IN FIFA: SAME AS CURRENT RECORD HOLDER(S) TAX TRANSFEREE: INVESTA SERVICES LLC SERVICER FOR CHRISTIANA TRST CUSTODIAN FOR GSRAN-Z AMOUNT DUE: $1,723.57 TAX YEARS DUE: 2019, 2020, 2021, 2022, 2023 DEED BOOK: 3766/63 LEGAL DESCRIPTION: ALL THAT TRACT OF LAND BEING IN LAND LOT 182, 14TH DIS-TRICT, FULTON COUN-TY, GEORGIA, BEING PART OF LOTS 25 & 26, OF DOVE HILLS SUBDIVISION.
#10:08,15,22,29 511013-AT
FN8696
GPN20
SHERIFF SALE # 1125 56580 TAX PARCEL ID: 14-0183-0001-002-7 CURRENT RECORD HOLDER: INVESTOR 731 GARY RD LLC DEFENDANT IN FIFA: SAME AS CURRENT RECORD HOLDER(S) TAX TRANSFEREE: INVESTA SERVICES LLC SERVICER FOR CHRISTIANA TRST CUSTODIAN FOR GSRAN-Z AMOUNT DUE: $3,133.18 TAX YEARS DUE: 2020, 2021, 2022, 2023 DEED BOOK: 59027/48 LEGAL DESCRIPTION: ALL THAT TRACT OF LAND BEING IN LAND LOT 183, 14TH DIS-TRICT, FULTON COUN-TY, GEORGIA, BEING KNOWN AS 731 GARY RD NW.
#10:08,15,22,29 511019-AT
FN8697
GPN20
SHERIFF SALE # 1125 56587 TAX PARCEL ID: 14-0187-0002-025-8 CURRENT RECORD HOLDER: HILLVIEW PARTNERS LLC DEFENDANT IN FIFA: SAME AS CURRENT RECORD HOLDER(S) TAX TRANSFEREE: INVESTA SERVICES LLC SERVICER FOR CHRISTIANA TRST CUSTODIAN FOR GSRAN-Z AMOUNT DUE: $6,236.45 TAX YEARS DUE: 2020, 2021, 2022, 2023, 2024 DEED BOOK: 57710/47 LEGAL DESCRIPTION: ALL THAT TRACT OF LAND BEING IN LAND LOT 187, 14TH DIS-TRICT, FULTON COUN-TY, GEORGIA, BEING LOTS 45 & 46, OF LAMAR HEIGHTS, AS SHOWN IN PLAT BOOK 65.
#10:08,15,22,29 511027-AT
FN8698
GPN20
SHERIFF SALE # 1125 56591 TAX PARCEL ID: 14-0193-0001-048-9 CURRENT RECORD HOLDER: FIRST NATIONAL HOLDINGS LLC DEFENDANT IN FIFA: SAME AS CURRENT RECORD HOLDER(S) TAX TRANSFEREE: INVESTA SERVICES LLC SERVICER FOR CHRISTIANA TRST CUSTODIAN FOR GSRAN-Z AMOUNT DUE: $2,103.50 TAX YEARS DUE: 2019,
5077	Tax Notice
2020, 2021, 2022, 2023, 2024 DEED BOOK: 55791/828 LEGAL DESCRIPTION: ALL THAT TRACT OF LAND BEING IN LAND LOT 193, 14TH DIS-TRICT, FULTON COUN-TY, GEORGIA, BEING UNIT 8A OF CASCADE HEIGHTS CONDOMIN-IUM, AS SHOWN IN CONDOMINIUM PLAT BOOK 16, PAGE 54.
#10:08,15,22,29 511048-AT
FN8699
GPN20
SHERIFF SALE # 1125 56568 TAX PARCEL ID: 14-0208-0006-062-5 CURRENT RECORD HOLDER: SUSAN GLOVER ESTATE AND ALL HEIRS KNOWN AND UNKNOWN DEFENDANT IN FIFA: SAME AS CURRENT RECORD HOLDER(S) TAX TRANSFEREE: INVESTA SERVICES LLC SERVICER FOR CHRISTIANA TRST CUSTODIAN FOR GSRAN-Z AMOUNT DUE: $4,598.09 TAX YEARS DUE: 2019, 2020, 2021, 2022, 2023 DEED BOOK: 17629/1 LEGAL DESCRIPTION: ALL THAT TRACT OF LAND BEING IN LAND LOT 208, 14TH DIS-TRICT, FULTON COUN-TY, GEORGIA, BEING PART OF LOT 9, BLOCK A, SECTION 1, OF BELLWOOD ES-TATES SUBDIVISION, AS SHOWN IN PLAT BOOK 28, PAGE 12.
#10:08,15,22,29 511051-AT
FN8697
GPN20
SHERIFF SALE # 1125 56571 TAX PARCEL ID: 14-0210-0003-036-2 CURRENT RECORD HOLDER: LESLIE JOY MILLER DEFENDANT IN FIFA: SAME AS CURRENT RECORD HOLDER(S) TAX TRANSFEREE: INVESTA SERVICES LLC SERVICER FOR CHRISTIANA TRST CUSTODIAN FOR GSRAN-Z AMOUNT DUE: $1,049.99 TAX YEARS DUE: 2018 DEED BOOK: 45813/426, 37372/283 LEGAL DESCRIPTION: ALL THAT TRACT OF LAND BEING IN LAND LOT 210, 14TH DIS-TRICT, FULTON COUN-TY, GEORGIA, BEING UNIT 7 OF WINDSOR FOREST CONDOMINI-UM, AS SHOWN IN PLAT BOOK 12, PAGE 2.
#10:08,15,22,29 511064-AT
FN8698
GPN20
SHERIFF SALE # 1125 56577 TAX PARCEL ID: 14-0213-0006-009-9 CURRENT RECORD HOLDER: NANCY BOYKIN DEFENDANT IN FIFA: SAME AS CURRENT RECORD HOLDER(S) TAX TRANSFEREE: INVESTA SERVICES LLC SERVICER FOR CHRISTIANA TRST CUSTODIAN FOR GSRAN-Z AMOUNT DUE: $9,984.89 TAX YEARS DUE: 2019, 2020 DEED BOOK: 32001/307 LEGAL DESCRIPTION: ALL THAT TRACT OF LAND BEING IN LAND LOT 213, 14TH DIS-TRICT, FULTON COUN-TY, GEORGIA, BEING UNIT 106 OF WINDSOR FOREST SUBDIVISION.
#10:08,15,22,29 511066-AT
FN8699
GPN20
SHERIFF SALE # 1125 56582 TAX PARCEL ID: 14-0223-0001-212-0 CURRENT RECORD HOLDER: FREDDIE L JONES DEFENDANT IN FIFA: JAMES A HOLT & FREDDIE L JONES TAX TRANSFEREE: INVESTA SERVICES LLC SERVICER FOR CHRISTIANA TRST CUSTODIAN FOR GSRAN-Z AMOUNT DUE: $2,206.29 TAX YEARS DUE: 2018 DEED BOOK: 47659/67 LEGAL DESCRIPTION: ALL THAT TRACT OF LAND BEING IN LAND LOT 223, 14TH DIS-TRICT, FULTON COUN-TY, GEORGIA, BEING KNOWN AS 2415 CAMP-BELLTON ROAD SW.
#10:08,15,22,29 511069-AT
FN8700
GPN20
SHERIFF SALE # 1125 56590 TAX PARCEL ID: 14-0234-0006-021-9 CURRENT RECORD HOLDER: HALAH D BARNES DEFENDANT IN FIFA: ANDREW B DAVIS JR TAX TRANSFEREE: INVESTA SERVICES LLC SERVICER FOR CHRISTIANA TRST CUSTODIAN FOR GSRAN-Z AMOUNT DUE: $1,238.51 TAX YEARS DUE: 2018 DEED BOOK: 45617/005 LEGAL DESCRIPTION: ALL THAT TRACT OF LAND BEING IN LAND LOT 234, 14TH DIS-TRICT, FULTON COUN-TY, GEORGIA, BEING PART OF LOT 5, OF BAKER HILLS SUBDI-VISION, AS SHOWN IN PLAT BOOK 15, PAGE 24.
#10:08,15,22,29 511074-AT
FN8701
GPN20
SHERIFF SALE # 1125 56594 TAX PARCEL ID: 14-0240-0003-041-3 CURRENT RECORD HOLDER: WILLIAM BARNES DEFENDANT IN FIFA: SABRINA AYLES TAX TRANSFEREE: INVESTA SERVICES LLC SERVICER FOR CHRISTIANA TRST CUSTODIAN FOR GSRAN-Z AMOUNT DUE: $1,746.92 TAX YEARS DUE: 2018 DEED BOOK: 52862/900 LEGAL DESCRIPTION: ALL THAT TRACT OF LAND BEING IN LAND LOT 240, 14TH DIS-TRICT, FULTON COUN-TY, GEORGIA, BEING KNOWN AS 1788 DOD-SON DRIVE SW.
#10:08,15,22,29 511079-AT
FN8702
GPN20
SHERIFF SALE # 1125 56575 TAX PARCEL ID: 14-0244-0007-066-5 CURRENT RECORD HOLDER: WILLINGHAM PROPERTIES LLC DEFENDANT IN FIFA: SAME AS CURRENT RECORD HOLDER(S) TAX TRANSFEREE: INVESTA SERVICES LLC SERVICER FOR CHRISTIANA TRST CUSTODIAN FOR GSRAN-Z AMOUNT DUE: $4,873.37 TAX YEARS DUE: 2019, 2020, 2021, 2022, 2023, 2024 DEED BOOK: 58802/1 LEGAL DESCRIPTION: ALL THAT TRACT OF LAND BEING IN LAND LOT 244, 14TH DIS-TRICT, FULTON COUN-TY, GEORGIA, BEING KNOWN AS 390 WILLIS MILL ROAD SW.
#10:08,15,22,29 511084-AT
